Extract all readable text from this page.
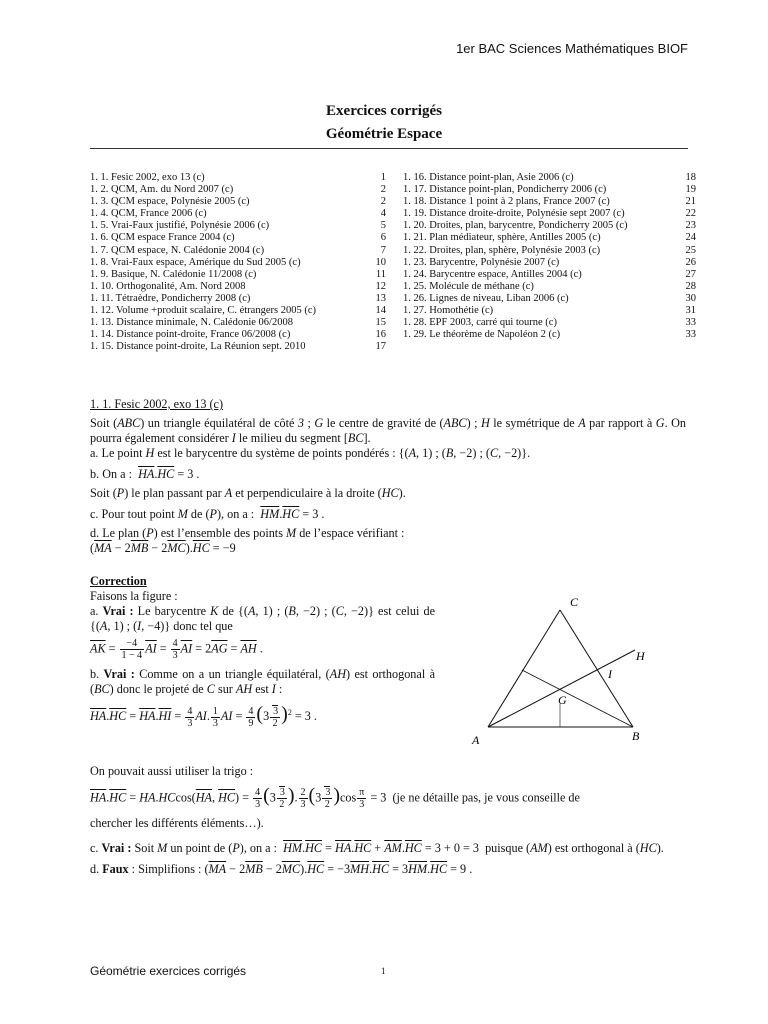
1er BAC Sciences Mathématiques BIOF
Exercices corrigés
Géométrie Espace
1. 1. Fesic 2002, exo 13 (c)	1
1. 2. QCM, Am. du Nord 2007 (c)	2
1. 3. QCM espace, Polynésie 2005 (c)	2
1. 4. QCM, France 2006 (c)	4
1. 5. Vrai-Faux justifié, Polynésie 2006 (c)	5
1. 6. QCM espace France 2004 (c)	6
1. 7. QCM espace, N. Calédonie 2004 (c)	7
1. 8. Vrai-Faux espace, Amérique du Sud 2005 (c)	10
1. 9. Basique, N. Calédonie 11/2008 (c)	11
1. 10. Orthogonalité, Am. Nord 2008	12
1. 11. Tétraèdre, Pondicherry 2008 (c)	13
1. 12. Volume +produit scalaire, C. étrangers 2005 (c)	14
1. 13. Distance minimale, N. Calédonie 06/2008	15
1. 14. Distance point-droite, France 06/2008 (c)	16
1. 15. Distance point-droite, La Réunion sept. 2010	17
1. 16. Distance point-plan, Asie 2006 (c)	18
1. 17. Distance point-plan, Pondicherry 2006 (c)	19
1. 18. Distance 1 point à 2 plans, France 2007 (c)	21
1. 19. Distance droite-droite, Polynésie sept 2007 (c)	22
1. 20. Droites, plan, barycentre, Pondicherry 2005 (c)	23
1. 21. Plan médiateur, sphère, Antilles 2005 (c)	24
1. 22. Droites, plan, sphère, Polynésie 2003 (c)	25
1. 23. Barycentre, Polynésie 2007 (c)	26
1. 24. Barycentre espace, Antilles 2004 (c)	27
1. 25. Molécule de méthane (c)	28
1. 26. Lignes de niveau, Liban 2006 (c)	30
1. 27. Homothétie (c)	31
1. 28. EPF 2003, carré qui tourne (c)	33
1. 29. Le théorème de Napoléon 2 (c)	33
1. 1. Fesic 2002, exo 13 (c)
Soit (ABC) un triangle équilatéral de côté 3 ; G le centre de gravité de (ABC) ; H le symétrique de A par rapport à G. On pourra également considérer I le milieu du segment [BC].
a. Le point H est le barycentre du système de points pondérés : {(A, 1) ; (B, −2) ; (C, −2)}.
b. On a :  $\overline{HA}.\overline{HC} = 3$ .
Soit (P) le plan passant par A et perpendiculaire à la droite (HC).
c. Pour tout point M de (P), on a :  $\overline{HM}.\overline{HC} = 3$ .
d. Le plan (P) est l’ensemble des points M de l’espace vérifiant :
$(\overline{MA} - 2\overline{MB} - 2\overline{MC}).\overline{HC} = -9$
Correction
Faisons la figure :
a. Vrai : Le barycentre K de {(A, 1) ; (B, −2) ; (C, −2)} est celui de {(A, 1) ; (I, −4)} donc tel que
$\overline{AK} = \frac{-4}{1 - 4} \overline{AI} = \frac{4}{3} \overline{AI} = 2\overline{AG} = \overline{AH}$ .
b. Vrai : Comme on a un triangle équilatéral, (AH) est orthogonal à (BC) donc le projeté de C sur AH est I :
$\overline{HA}.\overline{HC} = \overline{HA}.\overline{HI} = \frac{4}{3}$ AI. $\frac{1}{3}$ AI = $\frac{4}{9} (3 \frac{3}{2} )^2 = 3$ .
C
H
I
G
A	B
On pouvait aussi utiliser la trigo :
$\overline{HA}.\overline{HC} = HA.HCcos(\overline{HA}$, $\overline{HC}) = \frac{4}{3} (3 \frac{3}{2}$ ). $\frac{2}{3} (3 \frac{3}{2} )\cos \frac{\pi}{3} = 3$  (je ne détaille pas, je vous conseille de
chercher les différents éléments…).
c. Vrai : Soit M un point de (P), on a :  $\overline{HM}.\overline{HC} = \overline{HA}.\overline{HC} + \overline{AM}.\overline{HC} = 3 + 0 = 3$  puisque (AM) est orthogonal à (HC).
d. Faux : Simplifions : $(\overline{MA} - 2\overline{MB} - 2\overline{MC}).\overline{HC} = -3\overline{MH}.\overline{HC} = 3\overline{HM}.\overline{HC} = 9$ .
Géométrie exercices corrigés	1
